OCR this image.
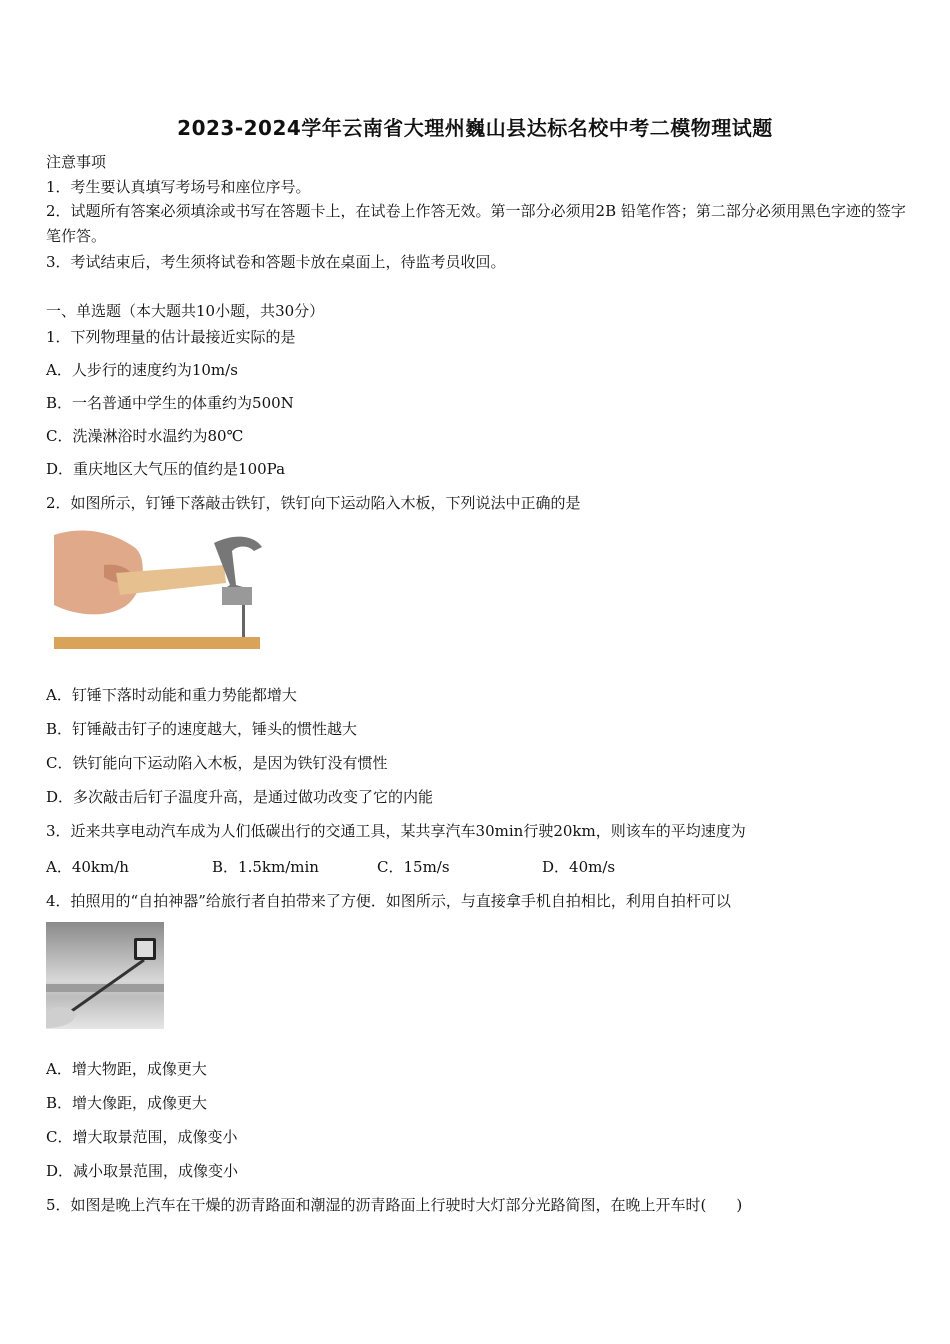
2023-2024学年云南省大理州巍山县达标名校中考二模物理试题
注意事项
1．考生要认真填写考场号和座位序号。
2．试题所有答案必须填涂或书写在答题卡上，在试卷上作答无效。第一部分必须用2B 铅笔作答；第二部分必须用黑色字迹的签字笔作答。
3．考试结束后，考生须将试卷和答题卡放在桌面上，待监考员收回。
一、单选题（本大题共10小题，共30分）
1．下列物理量的估计最接近实际的是
A．人步行的速度约为10m/s
B．一名普通中学生的体重约为500N
C．洗澡淋浴时水温约为80℃
D．重庆地区大气压的值约是100Pa
2．如图所示，钉锤下落敲击铁钉，铁钉向下运动陷入木板，下列说法中正确的是
A．钉锤下落时动能和重力势能都增大
B．钉锤敲击钉子的速度越大，锤头的惯性越大
C．铁钉能向下运动陷入木板，是因为铁钉没有惯性
D．多次敲击后钉子温度升高，是通过做功改变了它的内能
3．近来共享电动汽车成为人们低碳出行的交通工具，某共享汽车30min行驶20km，则该车的平均速度为
A．40km/h	B．1.5km/min	C．15m/s	D．40m/s
4．拍照用的“自拍神器”给旅行者自拍带来了方便．如图所示，与直接拿手机自拍相比，利用自拍杆可以
A．增大物距，成像更大
B．增大像距，成像更大
C．增大取景范围，成像变小
D．减小取景范围，成像变小
5．如图是晚上汽车在干燥的沥青路面和潮湿的沥青路面上行驶时大灯部分光路简图，在晚上开车时(　　)
